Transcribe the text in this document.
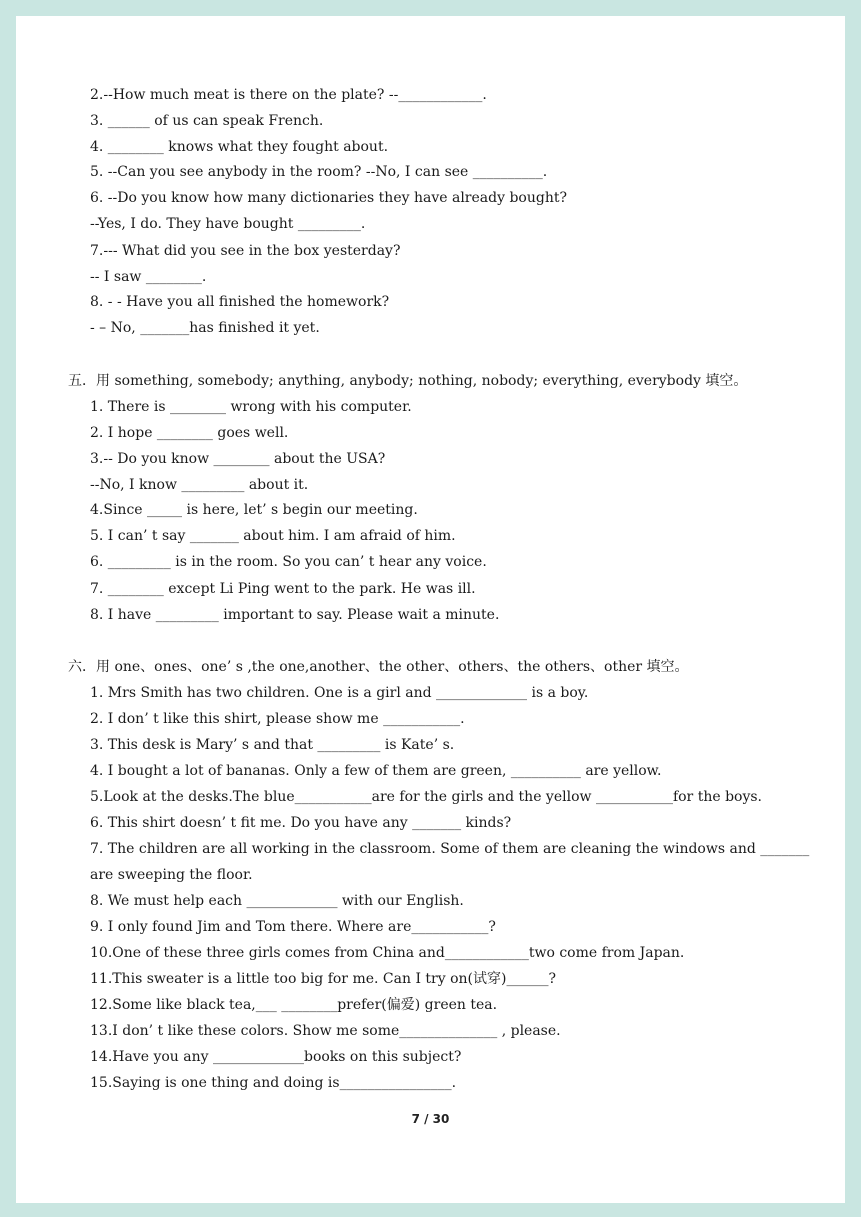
2.--How much meat is there on the plate? --____________.
3. ______ of us can speak French.
4. ________ knows what they fought about.
5. --Can you see anybody in the room? --No, I can see __________.
6. --Do you know how many dictionaries they have already bought?
--Yes, I do. They have bought _________.
7.--- What did you see in the box yesterday?
-- I saw ________.
8. - - Have you all finished the homework?
- – No, _______has finished it yet.
五．用 something, somebody; anything, anybody; nothing, nobody; everything, everybody 填空。
1. There is ________ wrong with his computer.
2. I hope ________ goes well.
3.-- Do you know ________ about the USA?
--No, I know _________ about it.
4.Since _____ is here, let’ s begin our meeting.
5. I can’ t say _______ about him. I am afraid of him.
6. _________ is in the room. So you can’ t hear any voice.
7. ________ except Li Ping went to the park. He was ill.
8. I have _________ important to say. Please wait a minute.
六．用 one、ones、one’ s ,the one,another、the other、others、the others、other 填空。
1. Mrs Smith has two children. One is a girl and _____________ is a boy.
2. I don’ t like this shirt, please show me ___________.
3. This desk is Mary’ s and that _________ is Kate’ s.
4. I bought a lot of bananas. Only a few of them are green, __________ are yellow.
5.Look at the desks.The blue___________are for the girls and the yellow ___________for the boys.
6. This shirt doesn’ t fit me. Do you have any _______ kinds?
7. The children are all working in the classroom. Some of them are cleaning the windows and _______
are sweeping the floor.
8. We must help each _____________ with our English.
9. I only found Jim and Tom there. Where are___________?
10.One of these three girls comes from China and____________two come from Japan.
11.This sweater is a little too big for me. Can I try on(试穿)______?
12.Some like black tea,___ ________prefer(偏爱) green tea.
13.I don’ t like these colors. Show me some______________ , please.
14.Have you any _____________books on this subject?
15.Saying is one thing and doing is________________.
7 / 30
